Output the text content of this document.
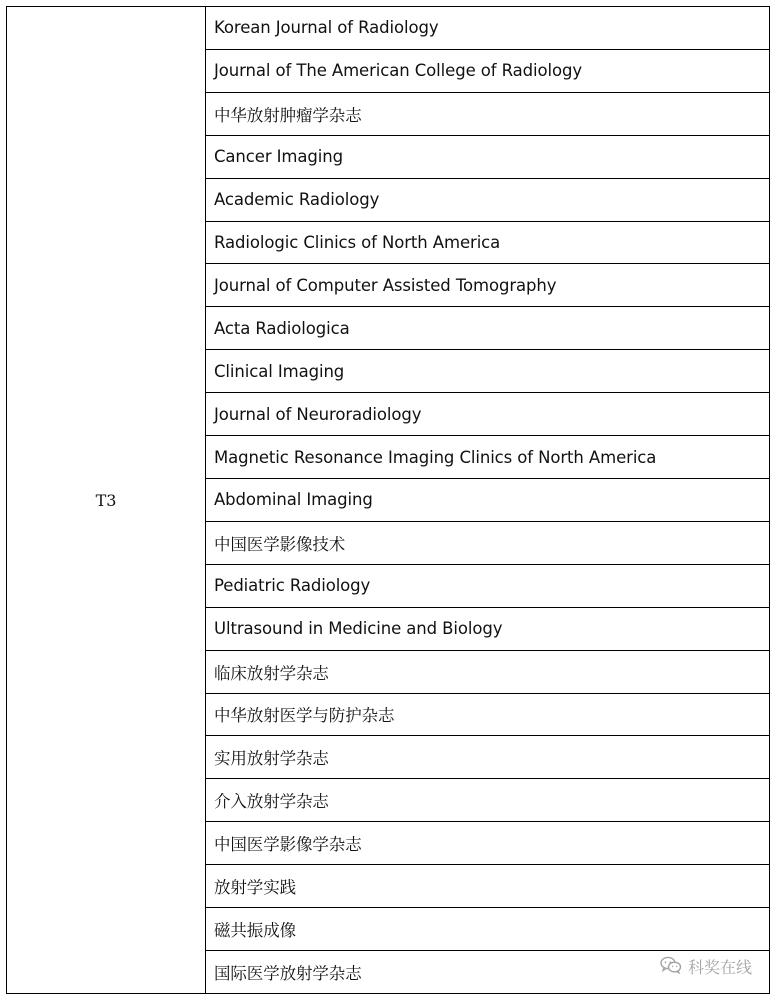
T3
Korean Journal of Radiology
Journal of The American College of Radiology
中华放射肿瘤学杂志
Cancer Imaging
Academic Radiology
Radiologic Clinics of North America
Journal of Computer Assisted Tomography
Acta Radiologica
Clinical Imaging
Journal of Neuroradiology
Magnetic Resonance Imaging Clinics of North America
Abdominal Imaging
中国医学影像技术
Pediatric Radiology
Ultrasound in Medicine and Biology
临床放射学杂志
中华放射医学与防护杂志
实用放射学杂志
介入放射学杂志
中国医学影像学杂志
放射学实践
磁共振成像
国际医学放射学杂志	科奖在线
